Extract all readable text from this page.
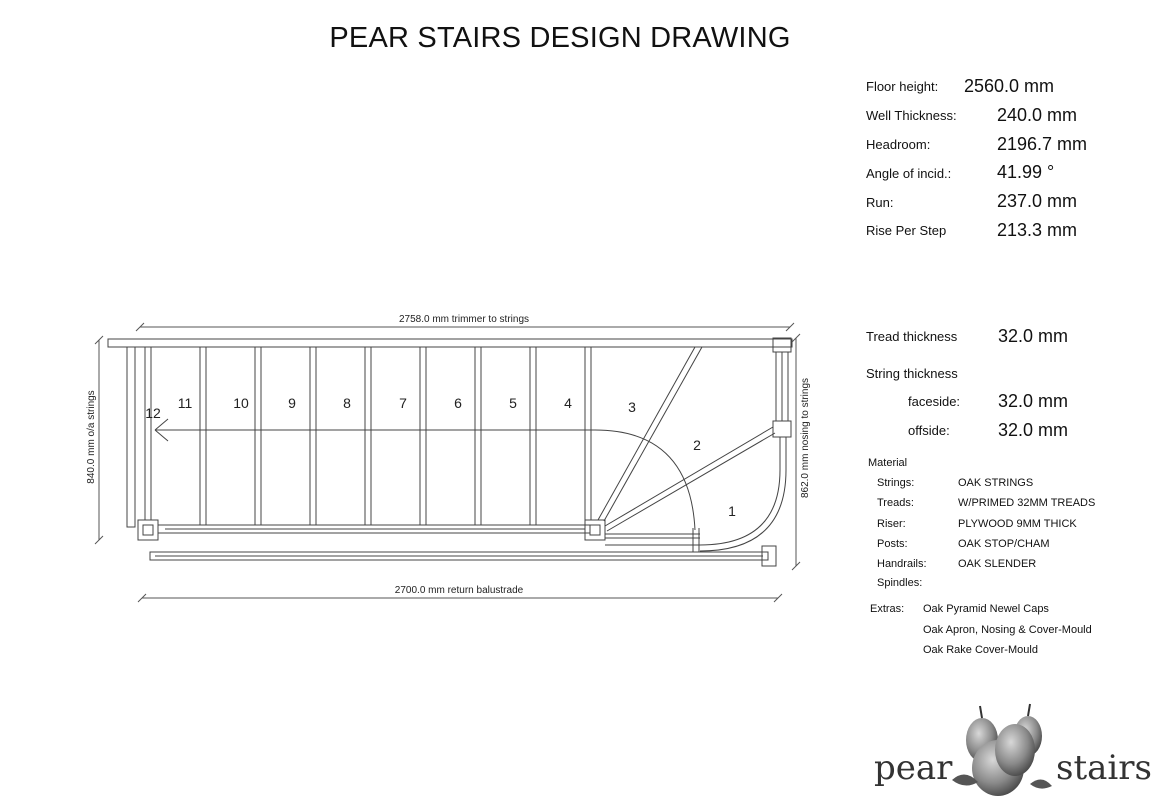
PEAR STAIRS DESIGN DRAWING
Floor height: 2560.0 mm
Well Thickness: 240.0 mm
Headroom:	2196.7 mm
Angle of incid.:	41.99 °
Run:	237.0 mm
Rise Per Step	213.3 mm
Tread thickness 32.0 mm
String thickness
faceside: 32.0 mm
offside:	32.0 mm
Material
Strings:	OAK STRINGS
Treads:	W/PRIMED 32MM TREADS
Riser:	PLYWOOD 9MM THICK
Posts:	OAK STOP/CHAM
Handrails:	OAK SLENDER
Spindles:
Extras: Oak Pyramid Newel Caps
Oak Apron, Nosing & Cover-Mould
Oak Rake Cover-Mould
2758.0 mm trimmer to strings
2700.0 mm return balustrade
840.0 mm o/a strings	862.0 mm nosing to strings
1
2
3
4
5
6
7
8
9
10
11
12
pear	stairs
